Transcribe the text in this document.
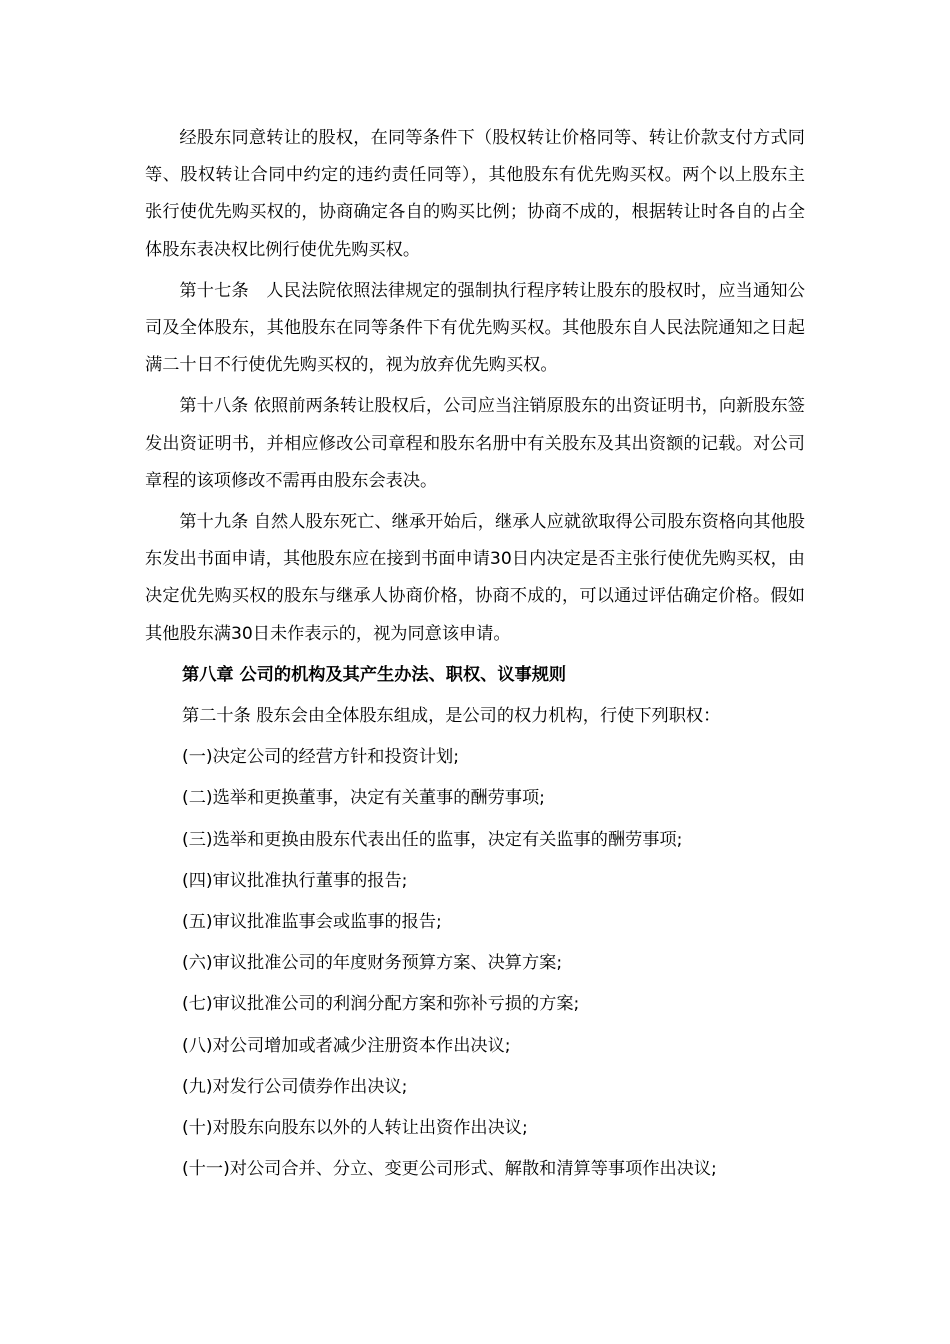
经股东同意转让的股权，在同等条件下（股权转让价格同等、转让价款支付方式同等、股权转让合同中约定的违约责任同等），其他股东有优先购买权。两个以上股东主张行使优先购买权的，协商确定各自的购买比例；协商不成的，根据转让时各自的占全体股东表决权比例行使优先购买权。

第十七条　人民法院依照法律规定的强制执行程序转让股东的股权时，应当通知公司及全体股东，其他股东在同等条件下有优先购买权。其他股东自人民法院通知之日起满二十日不行使优先购买权的，视为放弃优先购买权。

第十八条 依照前两条转让股权后，公司应当注销原股东的出资证明书，向新股东签发出资证明书，并相应修改公司章程和股东名册中有关股东及其出资额的记载。对公司章程的该项修改不需再由股东会表决。

第十九条 自然人股东死亡、继承开始后，继承人应就欲取得公司股东资格向其他股东发出书面申请，其他股东应在接到书面申请30日内决定是否主张行使优先购买权，由决定优先购买权的股东与继承人协商价格，协商不成的，可以通过评估确定价格。假如其他股东满30日未作表示的，视为同意该申请。

第八章 公司的机构及其产生办法、职权、议事规则
第二十条 股东会由全体股东组成，是公司的权力机构，行使下列职权：
(一)决定公司的经营方针和投资计划;
(二)选举和更换董事，决定有关董事的酬劳事项;
(三)选举和更换由股东代表出任的监事，决定有关监事的酬劳事项;
(四)审议批准执行董事的报告;
(五)审议批准监事会或监事的报告;
(六)审议批准公司的年度财务预算方案、决算方案;
(七)审议批准公司的利润分配方案和弥补亏损的方案;
(八)对公司增加或者减少注册资本作出决议;
(九)对发行公司债券作出决议;
(十)对股东向股东以外的人转让出资作出决议;
(十一)对公司合并、分立、变更公司形式、解散和清算等事项作出决议;
